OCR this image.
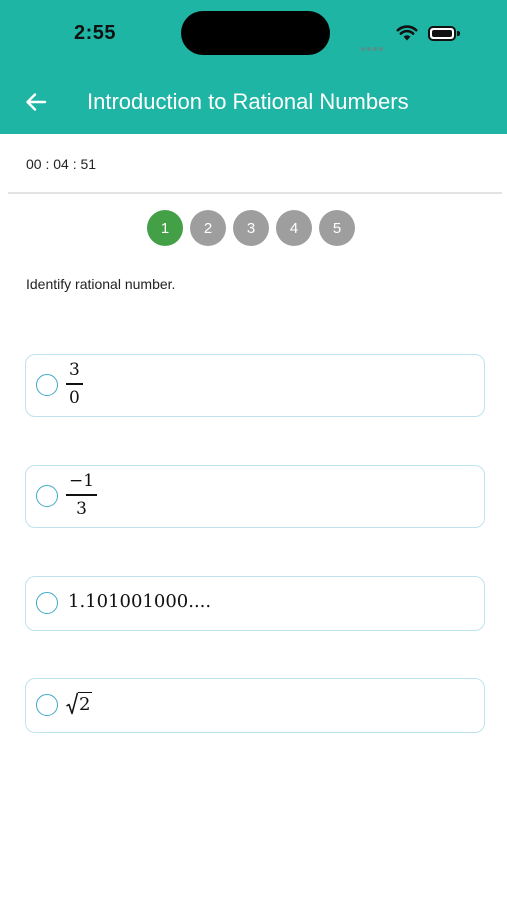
2:55
Introduction to Rational Numbers
00 : 04 : 51
1	2	3	4	5
Identify rational number.
3
0
−1
3
1.101001000....
2
